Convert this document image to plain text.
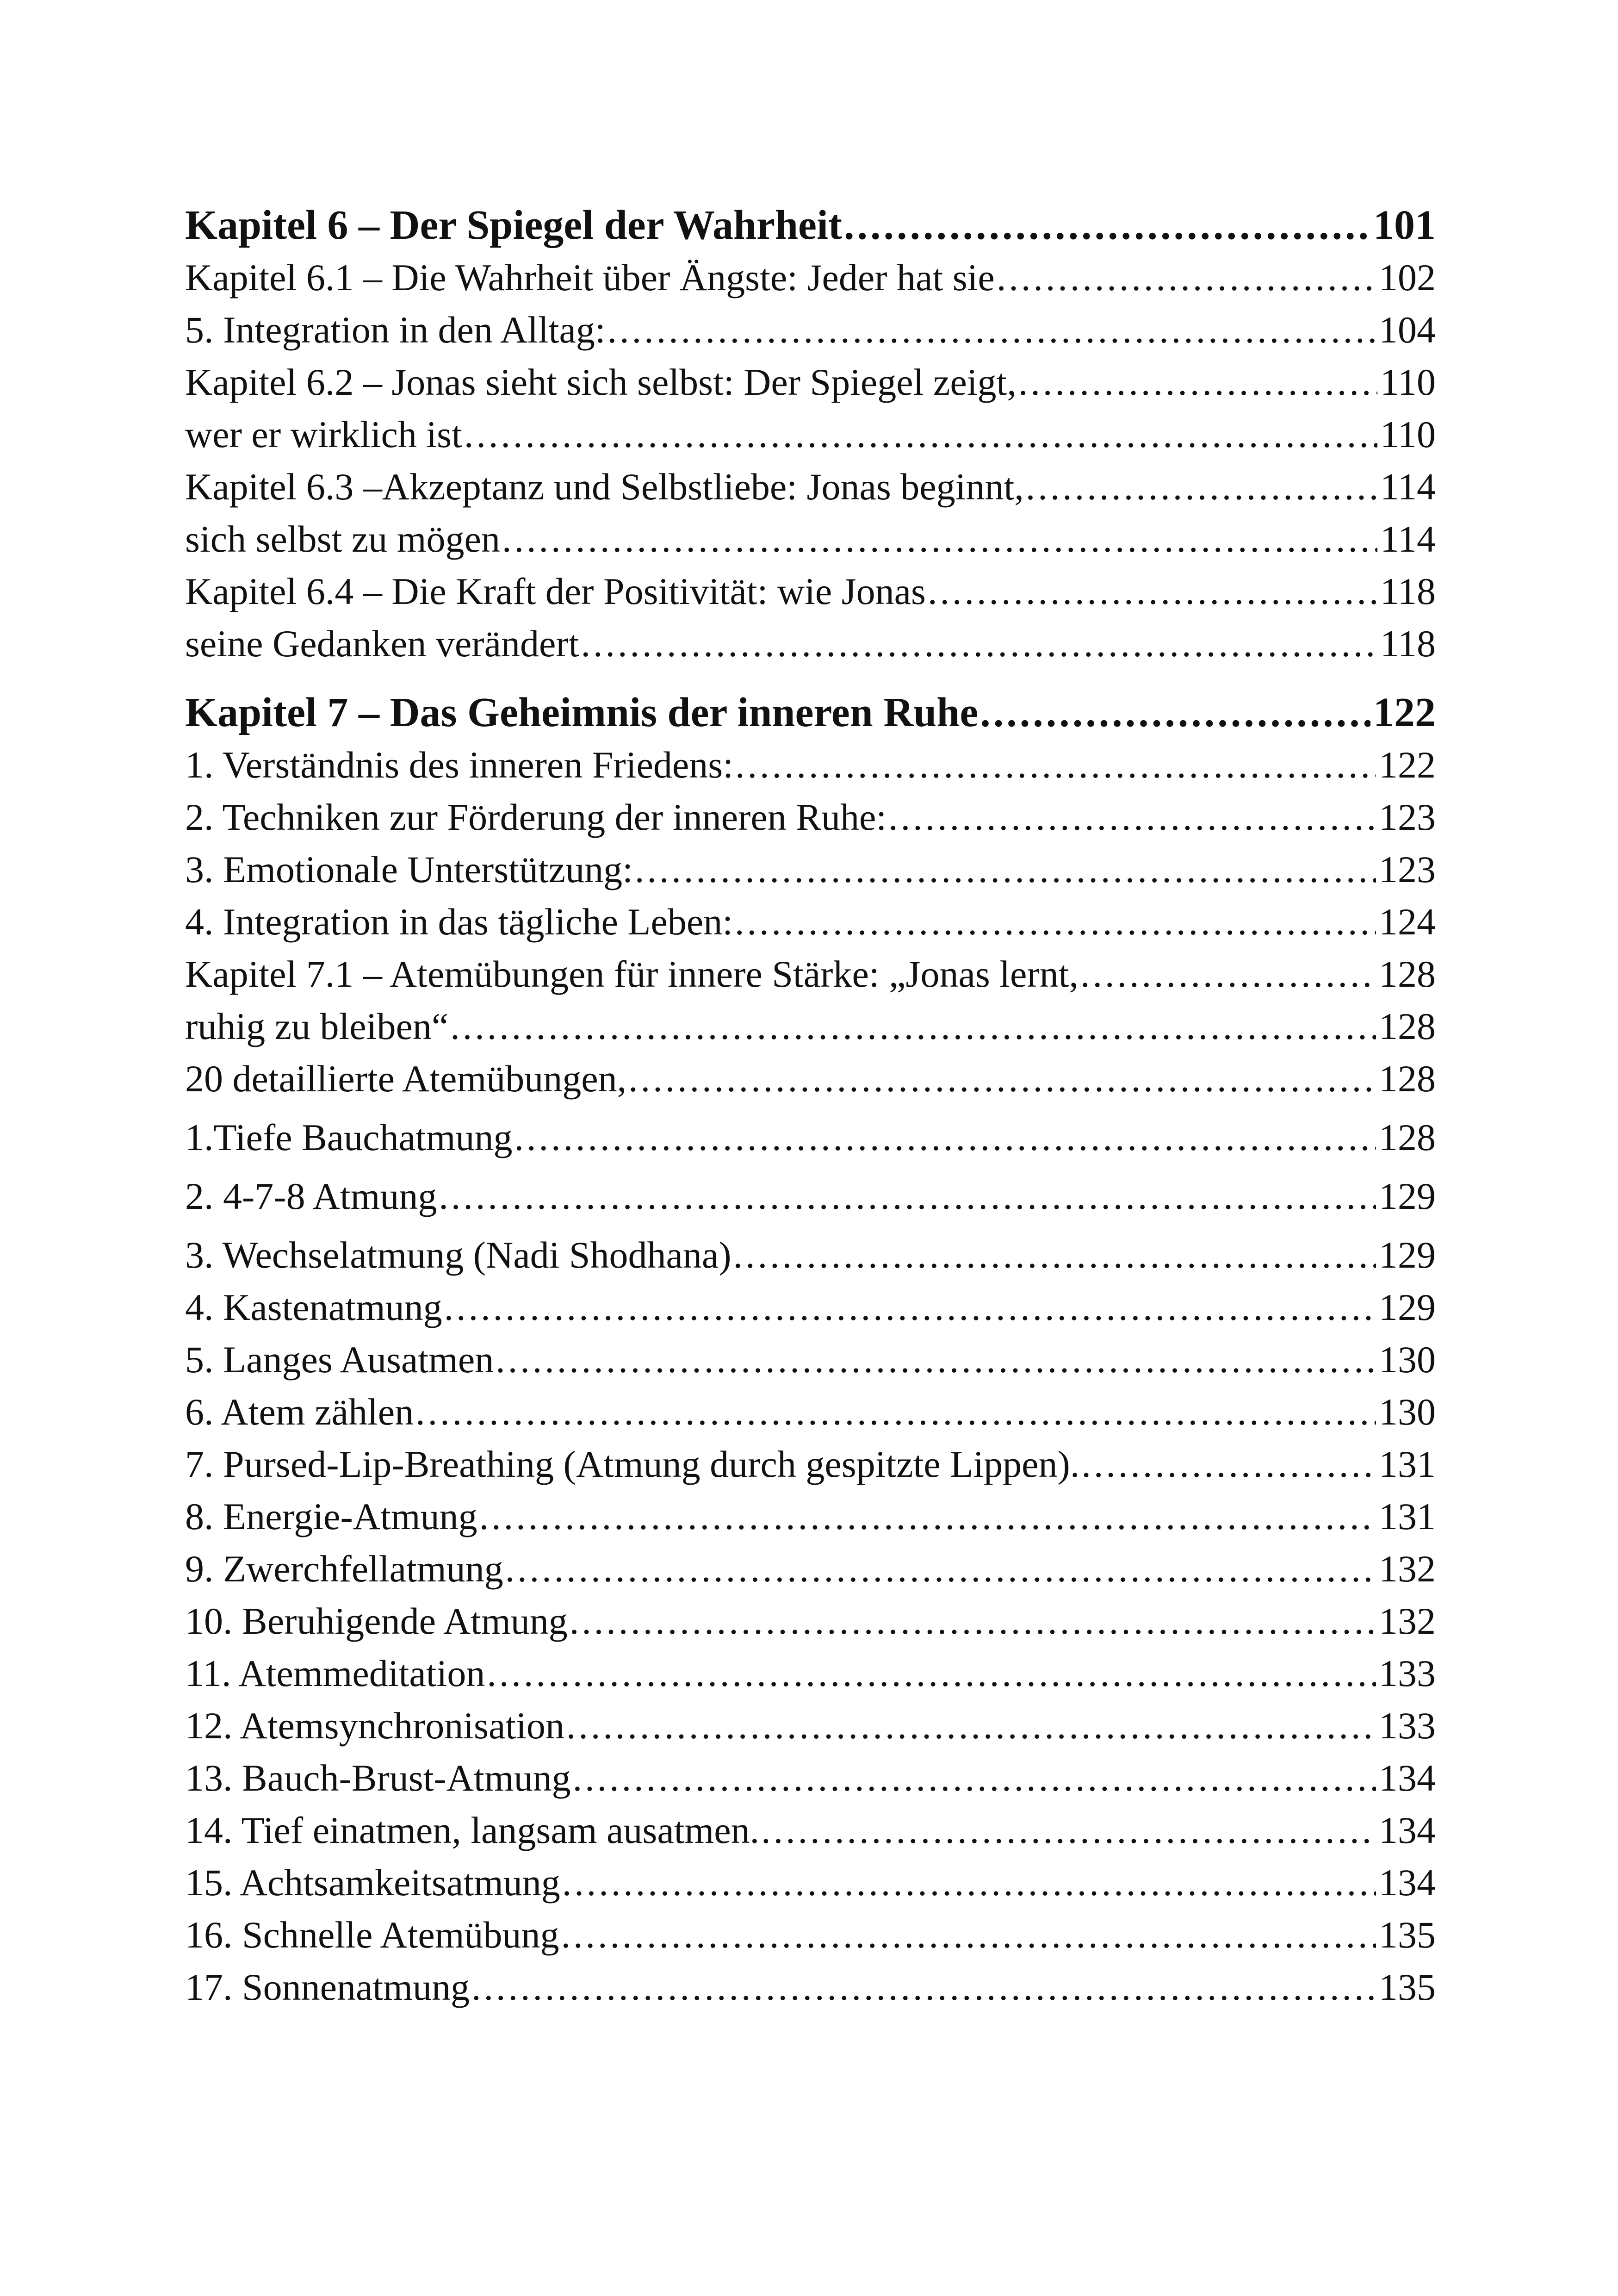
Kapitel 6 – Der Spiegel der Wahrheit .....	101
Kapitel 6.1 – Die Wahrheit über Ängste: Jeder hat sie .....	102
5. Integration in den Alltag: .....	104
Kapitel 6.2 – Jonas sieht sich selbst: Der Spiegel zeigt, .....	110
wer er wirklich ist .....	110
Kapitel 6.3 –Akzeptanz und Selbstliebe: Jonas beginnt, .....	114
sich selbst zu mögen .....	114
Kapitel 6.4 – Die Kraft der Positivität: wie Jonas .....	118
seine Gedanken verändert .....	118
Kapitel 7 – Das Geheimnis der inneren Ruhe .....	122
1. Verständnis des inneren Friedens: .....	122
2. Techniken zur Förderung der inneren Ruhe: .....	123
3. Emotionale Unterstützung: .....	123
4. Integration in das tägliche Leben: .....	124
Kapitel 7.1 – Atemübungen für innere Stärke: „Jonas lernt, .....	128
ruhig zu bleiben“ .....	128
20 detaillierte Atemübungen, .....	128
1.Tiefe Bauchatmung .....	128
2. 4-7-8 Atmung .....	129
3. Wechselatmung (Nadi Shodhana) .....	129
4. Kastenatmung .....	129
5. Langes Ausatmen .....	130
6. Atem zählen .....	130
7. Pursed-Lip-Breathing (Atmung durch gespitzte Lippen). .....	131
8. Energie-Atmung .....	131
9. Zwerchfellatmung .....	132
10. Beruhigende Atmung .....	132
11. Atemmeditation .....	133
12. Atemsynchronisation .....	133
13. Bauch-Brust-Atmung .....	134
14. Tief einatmen, langsam ausatmen. .....	134
15. Achtsamkeitsatmung .....	134
16. Schnelle Atemübung .....	135
17. Sonnenatmung .....	135
